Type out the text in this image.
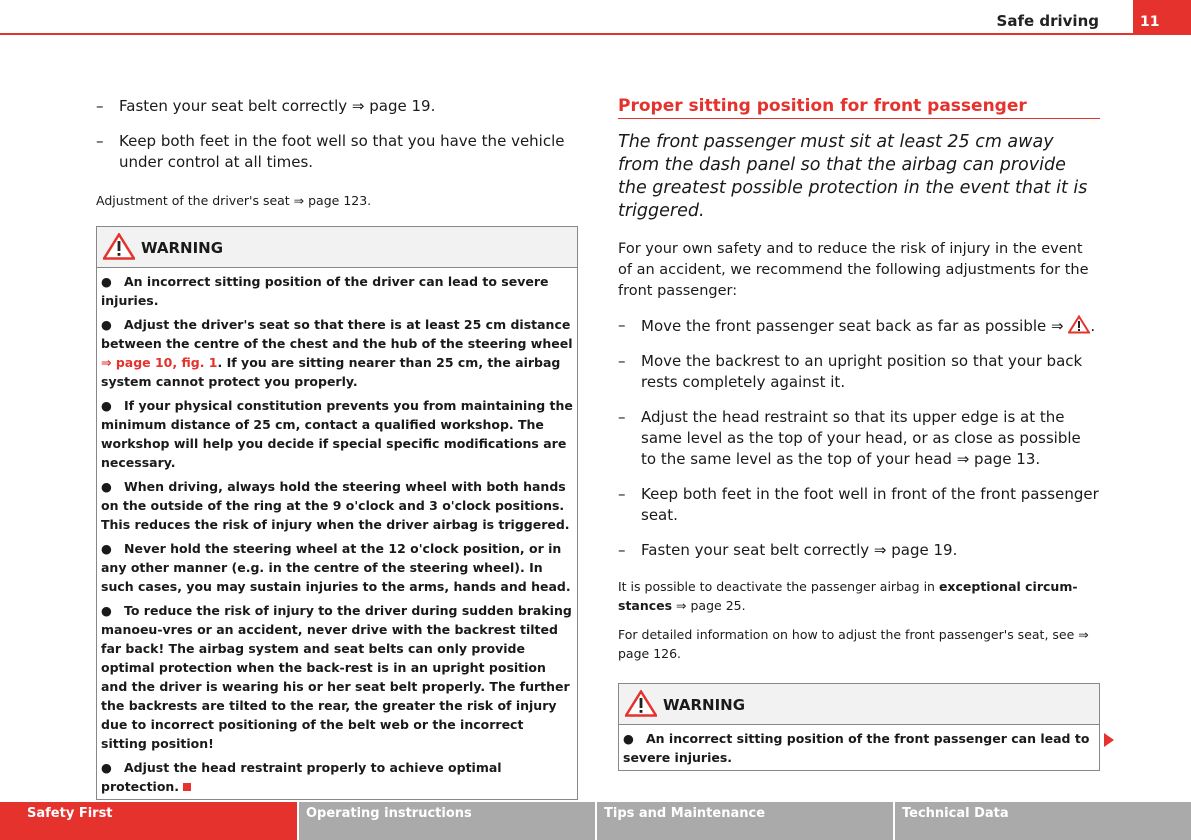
Safe driving	11
– Fasten your seat belt correctly ⇒ page 19.
– Keep both feet in the foot well so that you have the vehicle under control at all times.
Adjustment of the driver's seat ⇒ page 123.
WARNING
● An incorrect sitting position of the driver can lead to severe injuries.
● Adjust the driver's seat so that there is at least 25 cm distance between the centre of the chest and the hub of the steering wheel ⇒ page 10, fig. 1. If you are sitting nearer than 25 cm, the airbag system cannot protect you properly.
● If your physical constitution prevents you from maintaining the minimum distance of 25 cm, contact a qualified workshop. The workshop will help you decide if special specific modifications are necessary.
● When driving, always hold the steering wheel with both hands on the outside of the ring at the 9 o'clock and 3 o'clock positions. This reduces the risk of injury when the driver airbag is triggered.
● Never hold the steering wheel at the 12 o'clock position, or in any other manner (e.g. in the centre of the steering wheel). In such cases, you may sustain injuries to the arms, hands and head.
● To reduce the risk of injury to the driver during sudden braking manoeu-vres or an accident, never drive with the backrest tilted far back! The airbag system and seat belts can only provide optimal protection when the back-rest is in an upright position and the driver is wearing his or her seat belt properly. The further the backrests are tilted to the rear, the greater the risk of injury due to incorrect positioning of the belt web or the incorrect sitting position!
● Adjust the head restraint properly to achieve optimal protection.
Proper sitting position for front passenger
The front passenger must sit at least 25 cm away from the dash panel so that the airbag can provide the greatest possible protection in the event that it is triggered.
For your own safety and to reduce the risk of injury in the event of an accident, we recommend the following adjustments for the front passenger:
– Move the front passenger seat back as far as possible ⇒ .
– Move the backrest to an upright position so that your back rests completely against it.
– Adjust the head restraint so that its upper edge is at the same level as the top of your head, or as close as possible to the same level as the top of your head ⇒ page 13.
– Keep both feet in the foot well in front of the front passenger seat.
– Fasten your seat belt correctly ⇒ page 19.
It is possible to deactivate the passenger airbag in exceptional circum-stances ⇒ page 25.
For detailed information on how to adjust the front passenger's seat, see ⇒ page 126.
WARNING
● An incorrect sitting position of the front passenger can lead to severe injuries.
Safety First	Operating instructions	Tips and Maintenance	Technical Data
